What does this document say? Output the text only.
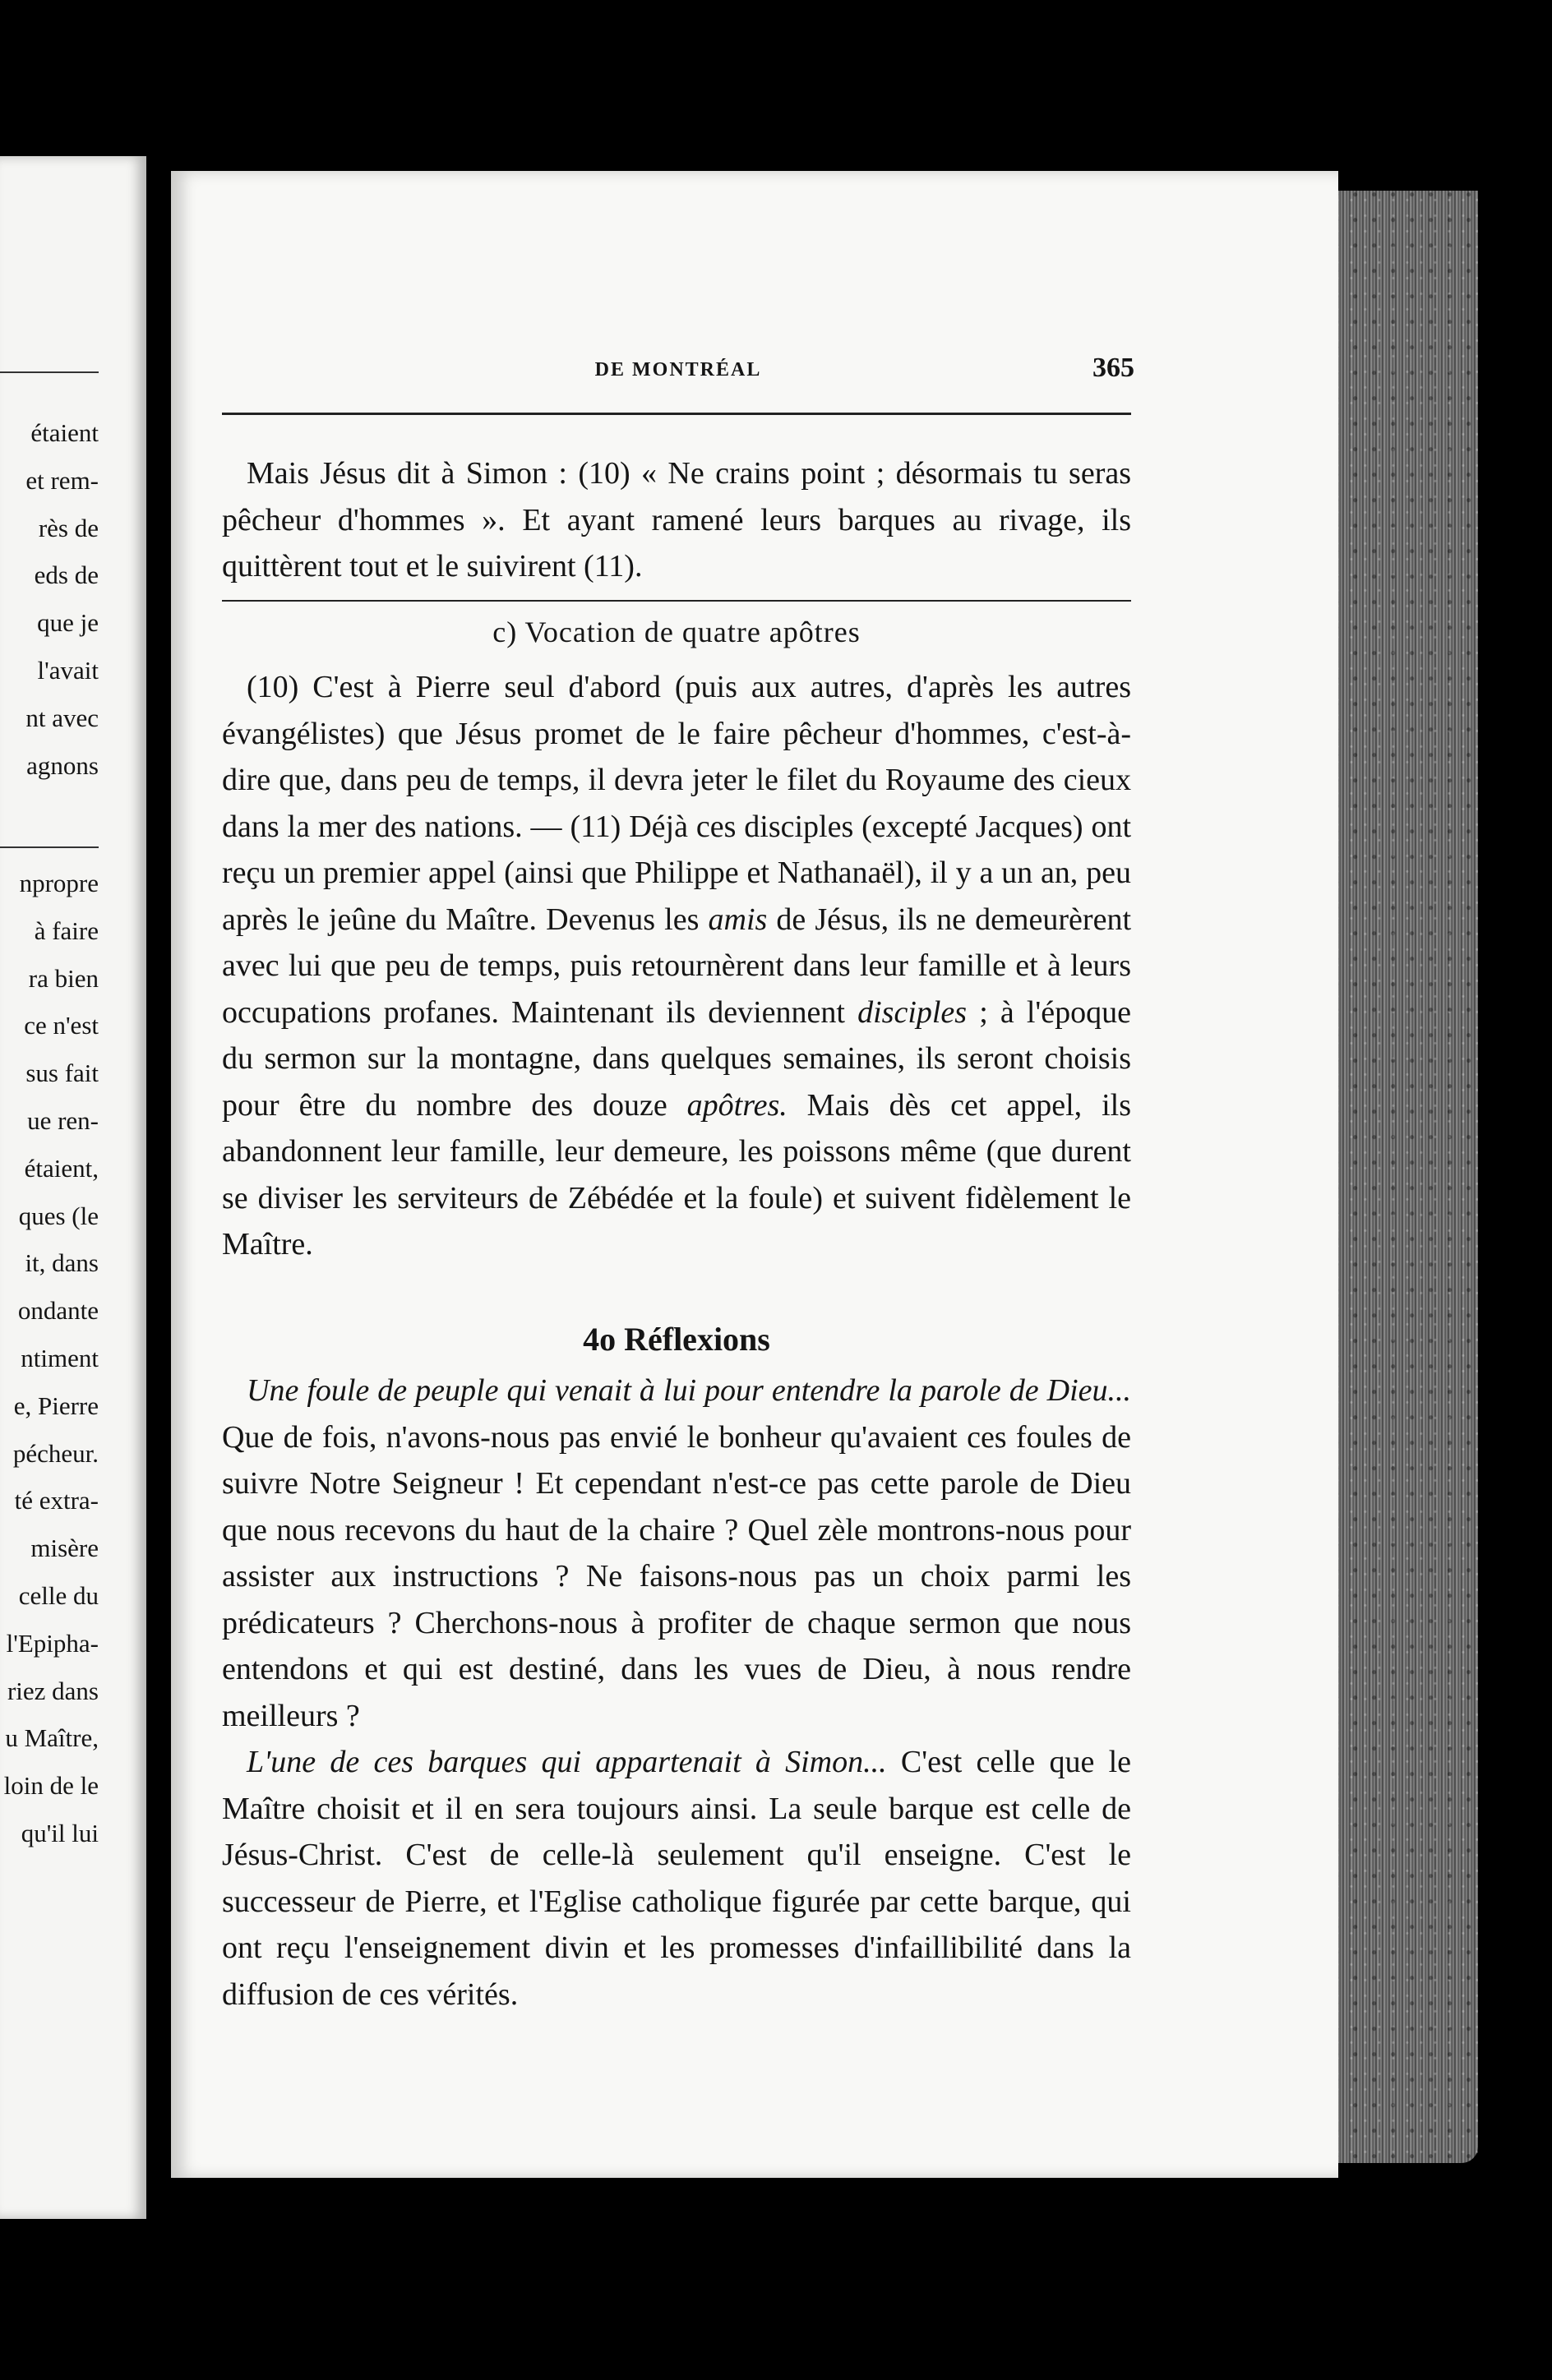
étaient
et rem-
rès de
eds de
que je
l'avait
nt avec
agnons
npropre
à faire
ra bien
ce n'est
sus fait
ue ren-
étaient,
ques (le
it, dans
ondante
ntiment
e, Pierre
pécheur.
té extra-
misère
celle du
l'Epipha-
riez dans
u Maître,
loin de le
qu'il lui
DE MONTRÉAL	365

Mais Jésus dit à Simon : (10) « Ne crains point ; désormais tu seras pêcheur d'hommes ». Et ayant ramené leurs barques au rivage, ils quittèrent tout et le suivirent (11).

c) Vocation de quatre apôtres

(10) C'est à Pierre seul d'abord (puis aux autres, d'après les autres évangélistes) que Jésus promet de le faire pêcheur d'hommes, c'est-à-dire que, dans peu de temps, il devra jeter le filet du Royaume des cieux dans la mer des nations. — (11) Déjà ces disciples (excepté Jacques) ont reçu un premier appel (ainsi que Philippe et Nathanaël), il y a un an, peu après le jeûne du Maître. Devenus les amis de Jésus, ils ne demeurèrent avec lui que peu de temps, puis retournèrent dans leur famille et à leurs occupations profanes. Maintenant ils deviennent disciples ; à l'époque du sermon sur la montagne, dans quelques semaines, ils seront choisis pour être du nombre des douze apôtres. Mais dès cet appel, ils abandonnent leur famille, leur demeure, les poissons même (que durent se diviser les serviteurs de Zébédée et la foule) et suivent fidèlement le Maître.

4o Réflexions

Une foule de peuple qui venait à lui pour entendre la parole de Dieu... Que de fois, n'avons-nous pas envié le bonheur qu'avaient ces foules de suivre Notre Seigneur ! Et cependant n'est-ce pas cette parole de Dieu que nous recevons du haut de la chaire ? Quel zèle montrons-nous pour assister aux instructions ? Ne faisons-nous pas un choix parmi les prédicateurs ? Cherchons-nous à profiter de chaque sermon que nous entendons et qui est destiné, dans les vues de Dieu, à nous rendre meilleurs ?

L'une de ces barques qui appartenait à Simon... C'est celle que le Maître choisit et il en sera toujours ainsi. La seule barque est celle de Jésus-Christ. C'est de celle-là seulement qu'il enseigne. C'est le successeur de Pierre, et l'Eglise catholique figurée par cette barque, qui ont reçu l'enseignement divin et les promesses d'infaillibilité dans la diffusion de ces vérités.
